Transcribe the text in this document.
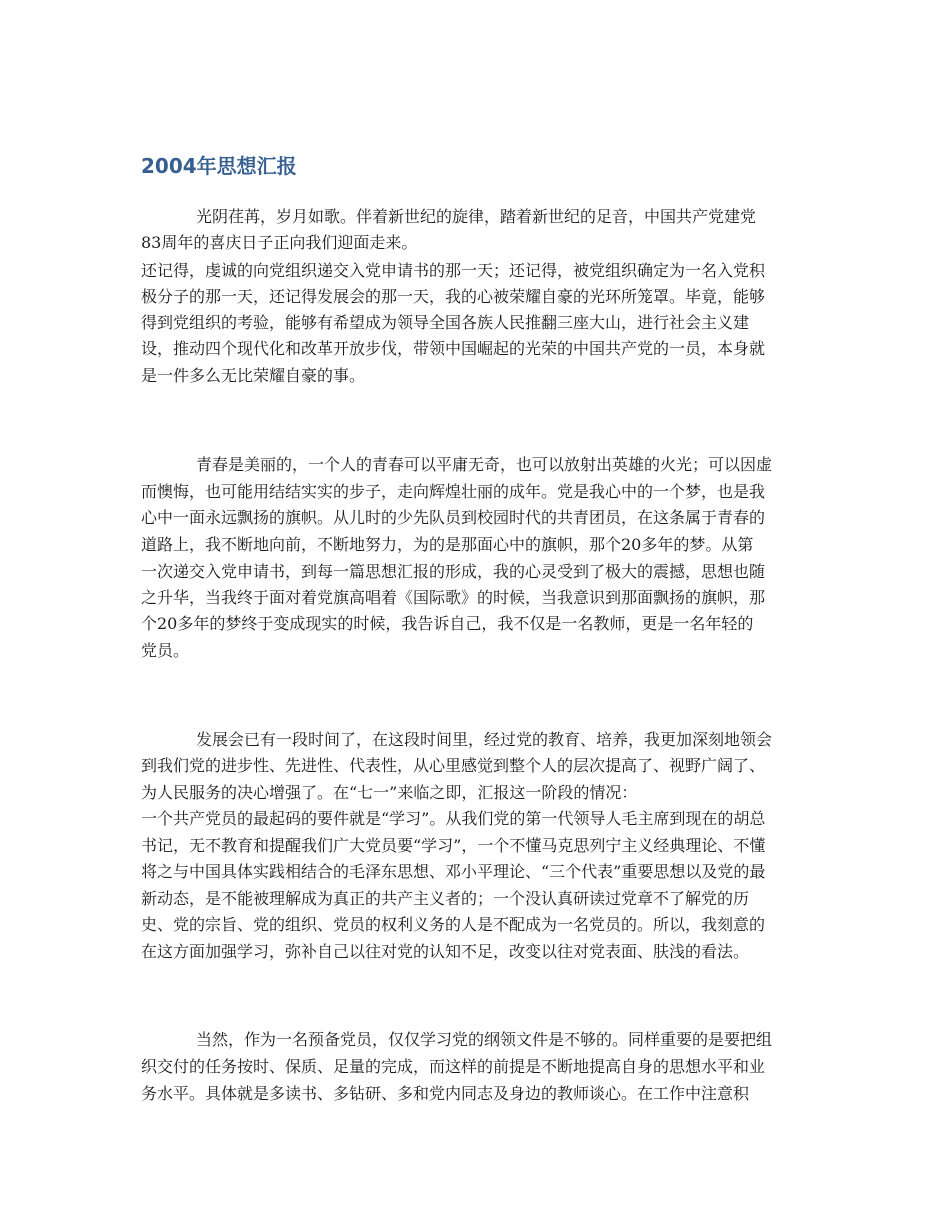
2004年思想汇报

光阴荏苒，岁月如歌。伴着新世纪的旋律，踏着新世纪的足音，中国共产党建党

83周年的喜庆日子正向我们迎面走来。

还记得，虔诚的向党组织递交入党申请书的那一天；还记得，被党组织确定为一名入党积

极分子的那一天，还记得发展会的那一天，我的心被荣耀自豪的光环所笼罩。毕竟，能够

得到党组织的考验，能够有希望成为领导全国各族人民推翻三座大山，进行社会主义建

设，推动四个现代化和改革开放步伐，带领中国崛起的光荣的中国共产党的一员，本身就

是一件多么无比荣耀自豪的事。

青春是美丽的，一个人的青春可以平庸无奇，也可以放射出英雄的火光；可以因虚

而懊悔，也可能用结结实实的步子，走向辉煌壮丽的成年。党是我心中的一个梦，也是我

心中一面永远飘扬的旗帜。从儿时的少先队员到校园时代的共青团员，在这条属于青春的

道路上，我不断地向前，不断地努力，为的是那面心中的旗帜，那个20多年的梦。从第

一次递交入党申请书，到每一篇思想汇报的形成，我的心灵受到了极大的震撼，思想也随

之升华，当我终于面对着党旗高唱着《国际歌》的时候，当我意识到那面飘扬的旗帜，那

个20多年的梦终于变成现实的时候，我告诉自己，我不仅是一名教师，更是一名年轻的

党员。

发展会已有一段时间了，在这段时间里，经过党的教育、培养，我更加深刻地领会

到我们党的进步性、先进性、代表性，从心里感觉到整个人的层次提高了、视野广阔了、

为人民服务的决心增强了。在“七一”来临之即，汇报这一阶段的情况：

一个共产党员的最起码的要件就是“学习”。从我们党的第一代领导人毛主席到现在的胡总

书记，无不教育和提醒我们广大党员要“学习”，一个不懂马克思列宁主义经典理论、不懂

将之与中国具体实践相结合的毛泽东思想、邓小平理论、“三个代表”重要思想以及党的最

新动态，是不能被理解成为真正的共产主义者的；一个没认真研读过党章不了解党的历

史、党的宗旨、党的组织、党员的权利义务的人是不配成为一名党员的。所以，我刻意的

在这方面加强学习，弥补自己以往对党的认知不足，改变以往对党表面、肤浅的看法。

当然，作为一名预备党员，仅仅学习党的纲领文件是不够的。同样重要的是要把组

织交付的任务按时、保质、足量的完成，而这样的前提是不断地提高自身的思想水平和业

务水平。具体就是多读书、多钻研、多和党内同志及身边的教师谈心。在工作中注意积
